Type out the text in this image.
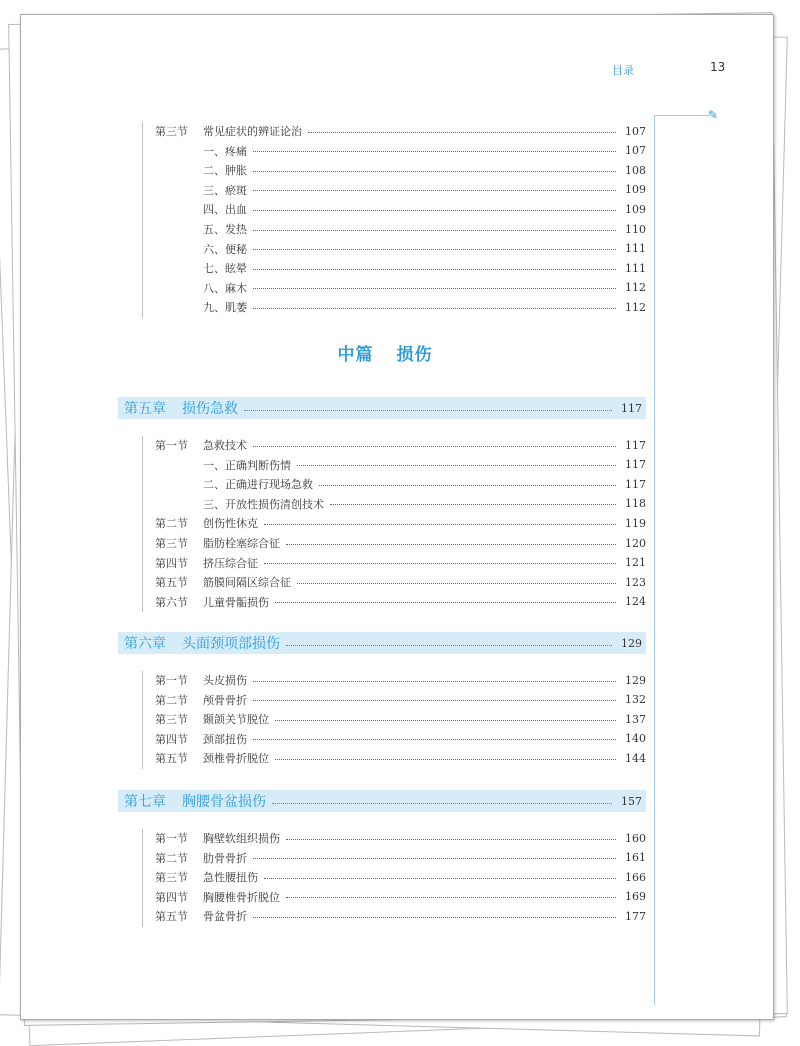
目录	13
✎
中篇 损伤
第三节	常见症状的辨证论治	107
一、疼痛	107
二、肿胀	108
三、瘀斑	109
四、出血	109
五、发热	110
六、便秘	111
七、眩晕	111
八、麻木	112
九、肌萎	112
第五章 损伤急救	117
第一节	急救技术	117
一、正确判断伤情	117
二、正确进行现场急救	117
三、开放性损伤清创技术	118
第二节	创伤性休克	119
第三节	脂肪栓塞综合征	120
第四节	挤压综合征	121
第五节	筋膜间隔区综合征	123
第六节	儿童骨骺损伤	124
第六章 头面颈项部损伤	129
第一节	头皮损伤	129
第二节	颅骨骨折	132
第三节	颞颌关节脱位	137
第四节	颈部扭伤	140
第五节	颈椎骨折脱位	144
第七章 胸腰骨盆损伤	157
第一节	胸壁软组织损伤	160
第二节	肋骨骨折	161
第三节	急性腰扭伤	166
第四节	胸腰椎骨折脱位	169
第五节	骨盆骨折	177
